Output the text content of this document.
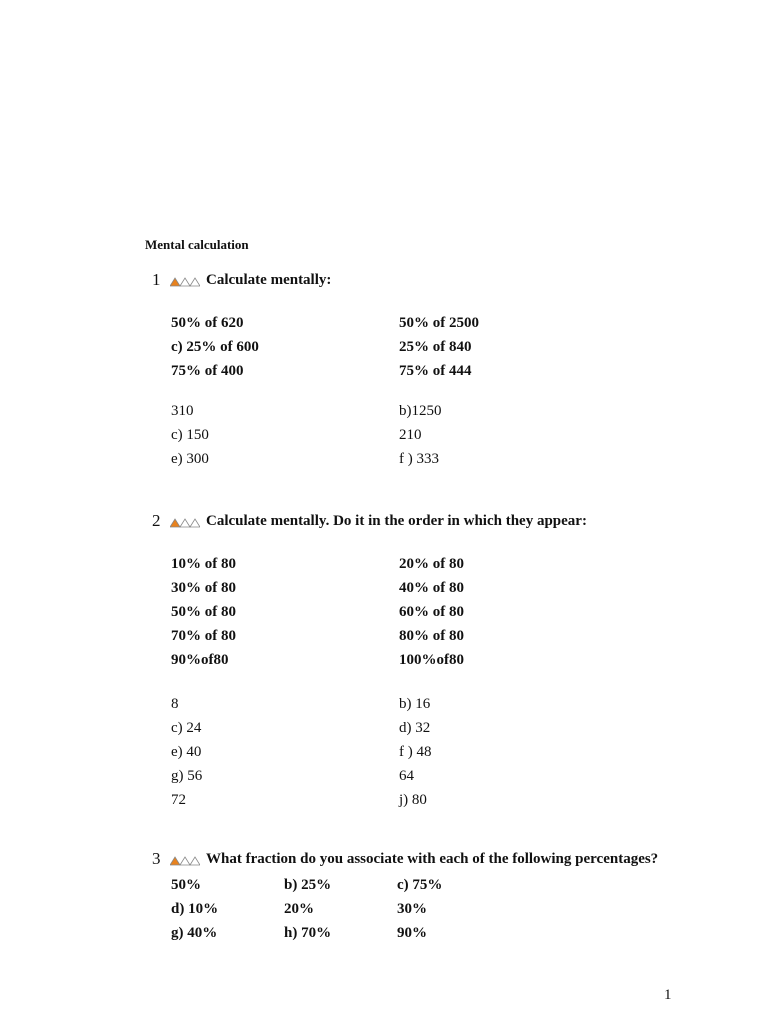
Mental calculation
1	Calculate mentally:
50% of 620	50% of 2500
c) 25% of 600	25% of 840
75% of 400	75% of 444
310	b)1250
c) 150	210
e) 300	f ) 333
2	Calculate mentally. Do it in the order in which they appear:
10% of 80	20% of 80
30% of 80	40% of 80
50% of 80	60% of 80
70% of 80	80% of 80
90%of80	100%of80
8	b) 16
c) 24	d) 32
e) 40	f ) 48
g) 56	64
72	j) 80
3	What fraction do you associate with each of the following percentages?
50%	b) 25%	c) 75%
d) 10%	20%	30%
g) 40%	h) 70%	90%
1
